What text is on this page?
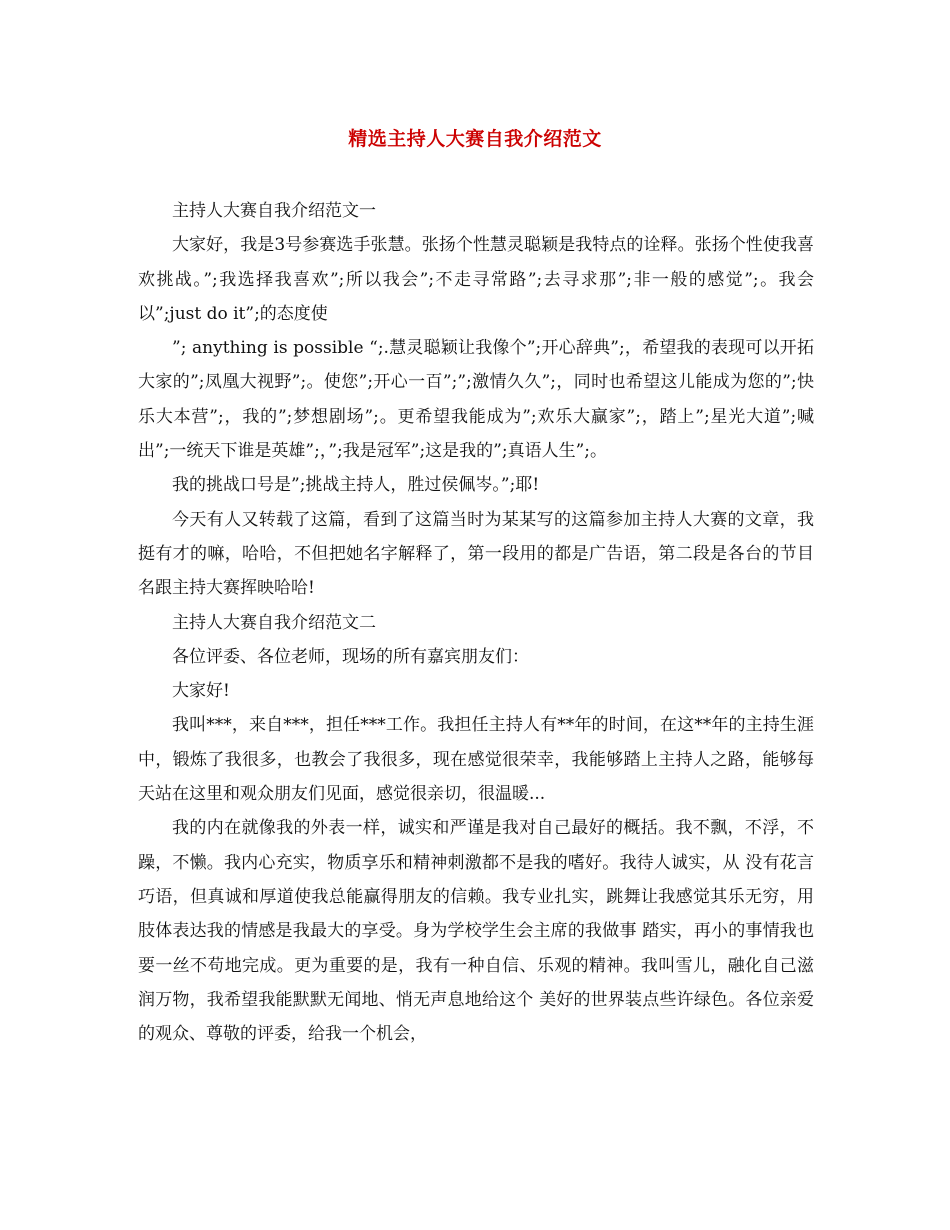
精选主持人大赛自我介绍范文

主持人大赛自我介绍范文一

大家好，我是3号参赛选手张慧。张扬个性慧灵聪颖是我特点的诠释。张扬个性使我喜欢挑战。”;我选择我喜欢”;所以我会”;不走寻常路”;去寻求那”;非一般的感觉”;。我会以”;just do it”;的态度使

”; anything is possible “;.慧灵聪颖让我像个”;开心辞典”;，希望我的表现可以开拓大家的”;凤凰大视野”;。使您”;开心一百”;”;激情久久”;，同时也希望这儿能成为您的”;快乐大本营”;，我的”;梦想剧场”;。更希望我能成为”;欢乐大赢家”;，踏上”;星光大道”;喊出”;一统天下谁是英雄”;，”;我是冠军”;这是我的”;真语人生”;。

我的挑战口号是”;挑战主持人，胜过侯佩岑。”;耶!

今天有人又转载了这篇，看到了这篇当时为某某写的这篇参加主持人大赛的文章，我挺有才的嘛，哈哈，不但把她名字解释了，第一段用的都是广告语，第二段是各台的节目名跟主持大赛挥映哈哈!

主持人大赛自我介绍范文二

各位评委、各位老师，现场的所有嘉宾朋友们：

大家好!

我叫***，来自***，担任***工作。我担任主持人有**年的时间，在这**年的主持生涯中，锻炼了我很多，也教会了我很多，现在感觉很荣幸，我能够踏上主持人之路，能够每天站在这里和观众朋友们见面，感觉很亲切，很温暖...

我的内在就像我的外表一样，诚实和严谨是我对自己最好的概括。我不飘，不浮，不躁，不懒。我内心充实，物质享乐和精神刺激都不是我的嗜好。我待人诚实，从 没有花言巧语，但真诚和厚道使我总能赢得朋友的信赖。我专业扎实，跳舞让我感觉其乐无穷，用肢体表达我的情感是我最大的享受。身为学校学生会主席的我做事 踏实，再小的事情我也要一丝不苟地完成。更为重要的是，我有一种自信、乐观的精神。我叫雪儿，融化自己滋润万物，我希望我能默默无闻地、悄无声息地给这个 美好的世界装点些许绿色。各位亲爱的观众、尊敬的评委，给我一个机会，
